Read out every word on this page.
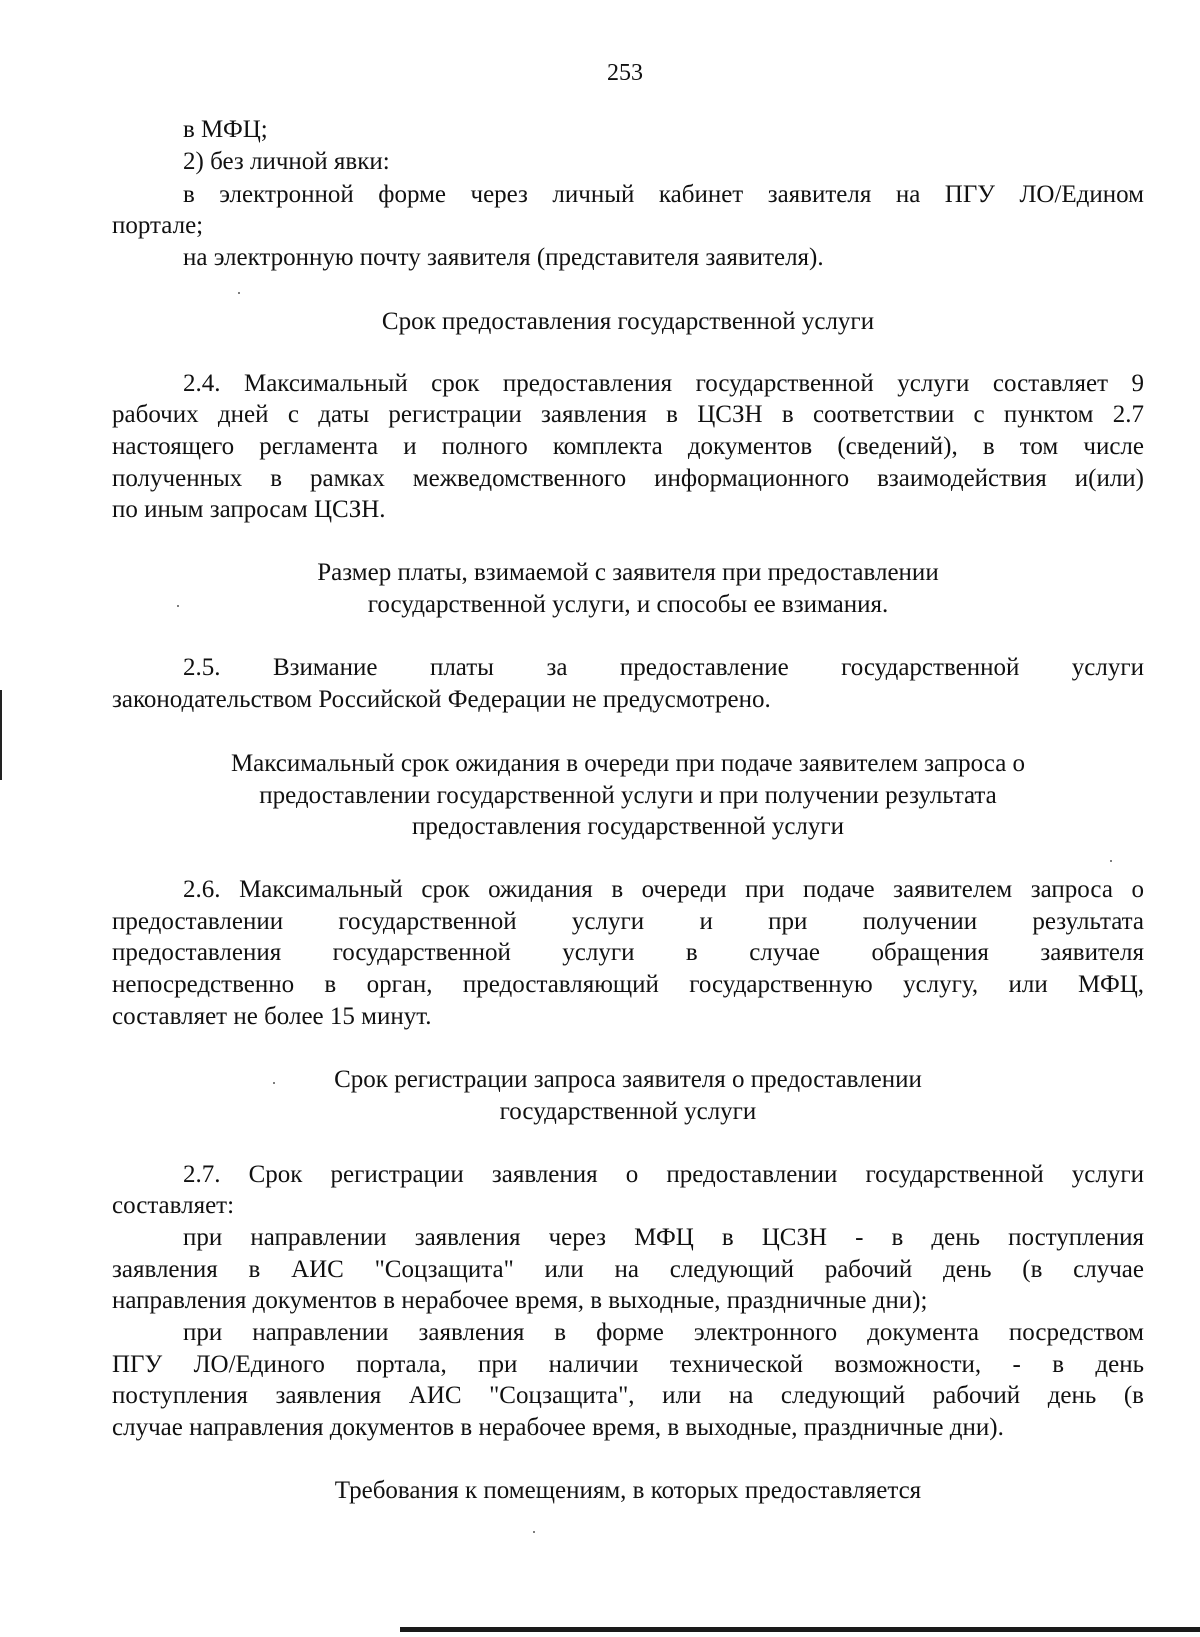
253
в МФЦ;
2) без личной явки:
в электронной форме через личный кабинет заявителя на ПГУ ЛО/Едином
портале;
на электронную почту заявителя (представителя заявителя).
Срок предоставления государственной услуги
2.4. Максимальный срок предоставления государственной услуги составляет 9
рабочих дней с даты регистрации заявления в ЦСЗН в соответствии с пунктом 2.7
настоящего регламента и полного комплекта документов (сведений), в том числе
полученных в рамках межведомственного информационного взаимодействия и(или)
по иным запросам ЦСЗН.
Размер платы, взимаемой с заявителя при предоставлении
государственной услуги, и способы ее взимания.
2.5. Взимание платы за предоставление государственной услуги
законодательством Российской Федерации не предусмотрено.
Максимальный срок ожидания в очереди при подаче заявителем запроса о
предоставлении государственной услуги и при получении результата
предоставления государственной услуги
2.6. Максимальный срок ожидания в очереди при подаче заявителем запроса о
предоставлении государственной услуги и при получении результата
предоставления государственной услуги в случае обращения заявителя
непосредственно в орган, предоставляющий государственную услугу, или МФЦ,
составляет не более 15 минут.
Срок регистрации запроса заявителя о предоставлении
государственной услуги
2.7. Срок регистрации заявления о предоставлении государственной услуги
составляет:
при направлении заявления через МФЦ в ЦСЗН - в день поступления
заявления в АИС "Соцзащита" или на следующий рабочий день (в случае
направления документов в нерабочее время, в выходные, праздничные дни);
при направлении заявления в форме электронного документа посредством
ПГУ ЛО/Единого портала, при наличии технической возможности, - в день
поступления заявления АИС "Соцзащита", или на следующий рабочий день (в
случае направления документов в нерабочее время, в выходные, праздничные дни).
Требования к помещениям, в которых предоставляется
